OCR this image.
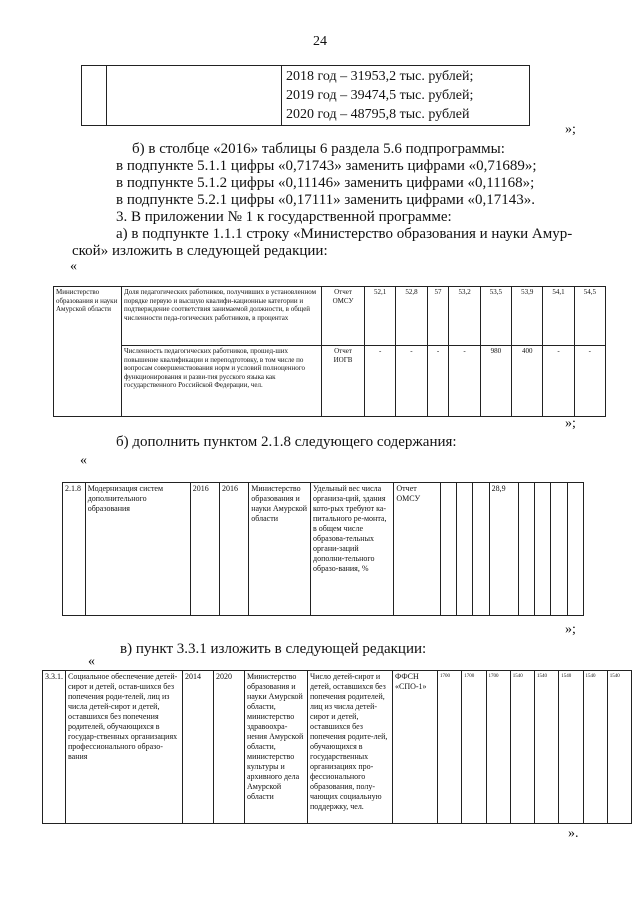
24

2018 год – 31953,2 тыс. рублей;
2019 год – 39474,5 тыс. рублей;
2020 год – 48795,8 тыс. рублей
»;
б) в столбце «2016» таблицы 6 раздела 5.6 подпрограммы:
в подпункте 5.1.1 цифры «0,71743» заменить цифрами «0,71689»;
в подпункте 5.1.2 цифры «0,11146» заменить цифрами «0,11168»;
в подпункте 5.2.1 цифры «0,17111» заменить цифрами «0,17143».
3. В приложении № 1 к государственной программе:
а) в подпункте 1.1.1 строку «Министерство образования и науки Амур-
ской» изложить в следующей редакции:
«
Министерство образования и науки Амурской области	Доля педагогических работников, получивших в установленном порядке первую и высшую квалифи-кационные категории и подтверждение соответствия занимаемой должности, в общей численности педа-гогических работников, в процентах	Отчет ОМСУ	52,1	52,8	57	53,2	53,5	53,9	54,1	54,5
	Численность педагогических работников, прошед-ших повышение квалификации и переподготовку, в том числе по вопросам совершенствования норм и условий полноценного функционирования и разви-тия русского языка как государственного Российской Федерации, чел.	Отчет ИОГВ	-	-	-	-	980	400	-	-
»;
б) дополнить пунктом 2.1.8 следующего содержания:
«
2.1.8	Модернизация систем дополнительного образования	2016	2016	Министерство образования и науки Амурской области	Удельный вес числа организа-ций, здания кото-рых требуют ка-питального ре-монта, в общем числе образова-тельных органи-заций дополни-тельного образо-вания, %	Отчет ОМСУ				28,9				
»;
в) пункт 3.3.1 изложить в следующей редакции:
«
3.3.1.	Социальное обеспечение детей-сирот и детей, остав-шихся без попечения роди-телей, лиц из числа детей-сирот и детей, оставшихся без попечения родителей, обучающихся в государ-ственных организациях профессионального образо-вания	2014	2020	Министерство образования и науки Амурской области, министерство здравоохра-нения Амурской области, министерство культуры и архивного дела Амурской области	Число детей-сирот и детей, оставшихся без попечения родителей, лиц из числа детей-сирот и детей, оставшихся без попечения родите-лей, обучающихся в государственных организациях про-фессионального образования, полу-чающих социальную поддержку, чел.	ФФСН «СПО-1»	1700	1700	1700	1540	1540	1540	1540	1540
».
